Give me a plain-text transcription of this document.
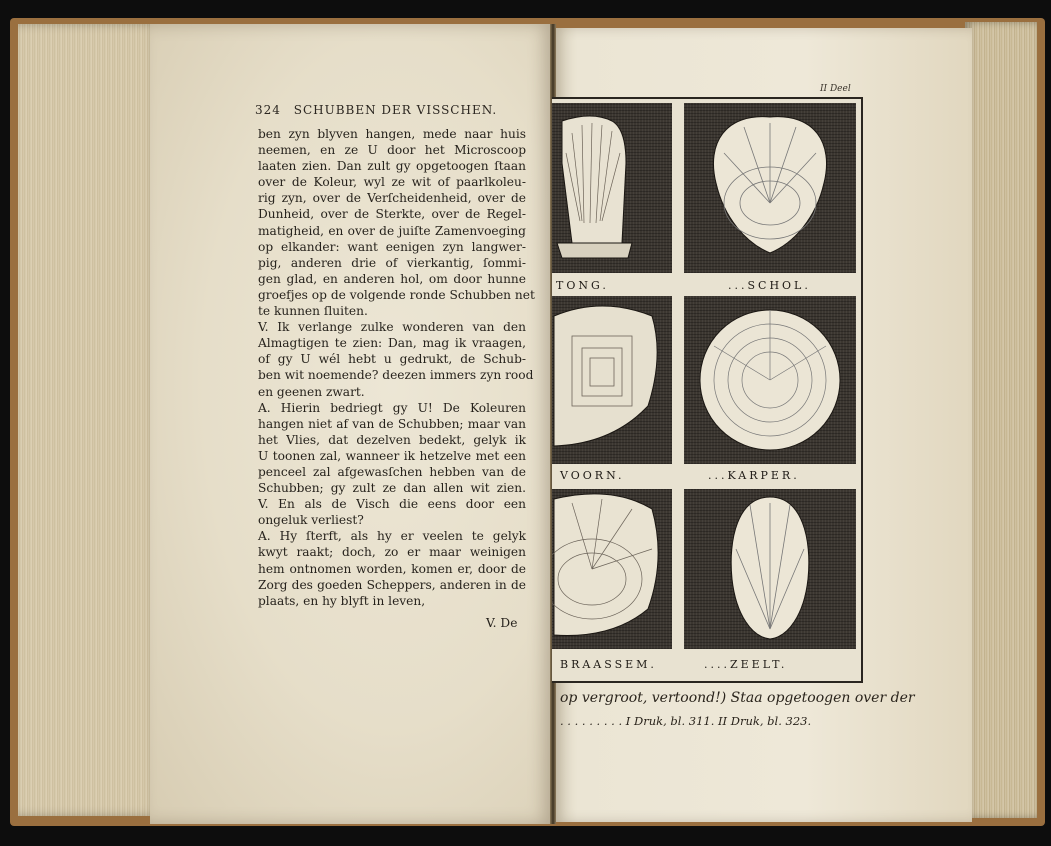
324 SCHUBBEN DER VISSCHEN.
ben zyn blyven hangen, mede naar huis
neemen, en ze U door het Microscoop
laaten zien. Dan zult gy opgetoogen ſtaan
over de Koleur, wyl ze wit of paarlkoleu-
rig zyn, over de Verſcheidenheid, over de
Dunheid, over de Sterkte, over de Regel-
matigheid, en over de juiſte Zamenvoeging
op elkander: want eenigen zyn langwer-
pig, anderen drie of vierkantig, ſommi-
gen glad, en anderen hol, om door hunne
groefjes op de volgende ronde Schubben net
te kunnen ſluiten.
V. Ik verlange zulke wonderen van den
Almagtigen te zien: Dan, mag ik vraagen,
of gy U wél hebt u gedrukt, de Schub-
ben wit noemende? deezen immers zyn rood
en geenen zwart.
A. Hierin bedriegt gy U! De Koleuren
hangen niet af van de Schubben; maar van
het Vlies, dat dezelven bedekt, gelyk ik
U toonen zal, wanneer ik hetzelve met een
penceel zal afgewasſchen hebben van de
Schubben; gy zult ze dan allen wit zien.
V. En als de Visch die eens door een
ongeluk verliest?
A. Hy ſterft, als hy er veelen te gelyk
kwyt raakt; doch, zo er maar weinigen
hem ontnomen worden, komen er, door de
Zorg des goeden Scheppers, anderen in de
plaats, en hy blyft in leven,
V. De
II Deel
TONG.	...SCHOL.
VOORN.	...KARPER.
BRAASSEM.	....ZEELT.
op vergroot, vertoond!) Staa opgetoogen over der
. . . . . . . . . I Druk, bl. 311. II Druk, bl. 323.
